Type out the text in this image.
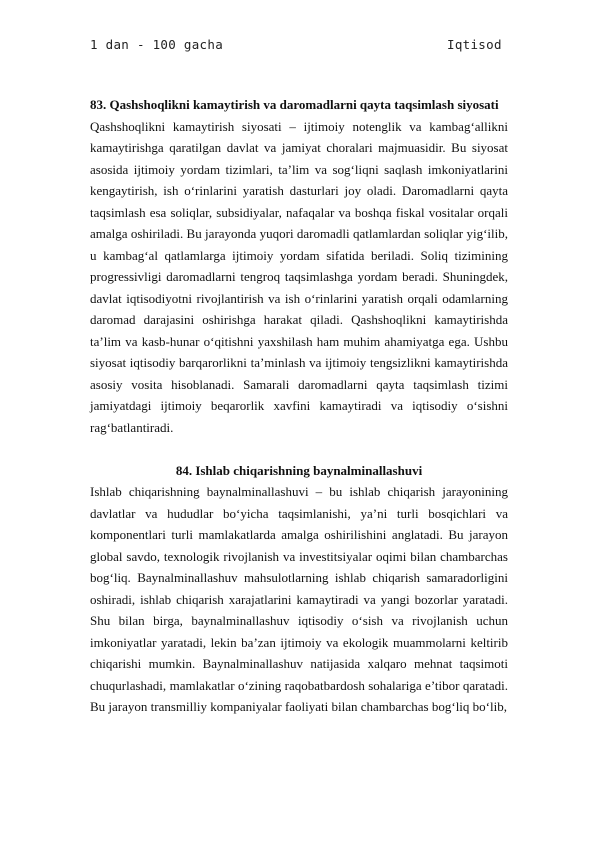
1 dan - 100 gacha	Iqtisod

83. Qashshoqlikni kamaytirish va daromadlarni qayta taqsimlash siyosati

Qashshoqlikni kamaytirish siyosati – ijtimoiy notenglik va kambag‘allikni kamaytirishga qaratilgan davlat va jamiyat choralari majmuasidir. Bu siyosat asosida ijtimoiy yordam tizimlari, ta’lim va sog‘liqni saqlash imkoniyatlarini kengaytirish, ish o‘rinlarini yaratish dasturlari joy oladi. Daromadlarni qayta taqsimlash esa soliqlar, subsidiyalar, nafaqalar va boshqa fiskal vositalar orqali amalga oshiriladi. Bu jarayonda yuqori daromadli qatlamlardan soliqlar yig‘ilib, u kambag‘al qatlamlarga ijtimoiy yordam sifatida beriladi. Soliq tizimining progressivligi daromadlarni tengroq taqsimlashga yordam beradi. Shuningdek, davlat iqtisodiyotni rivojlantirish va ish o‘rinlarini yaratish orqali odamlarning daromad darajasini oshirishga harakat qiladi. Qashshoqlikni kamaytirishda ta’lim va kasb-hunar o‘qitishni yaxshilash ham muhim ahamiyatga ega. Ushbu siyosat iqtisodiy barqarorlikni ta’minlash va ijtimoiy tengsizlikni kamaytirishda asosiy vosita hisoblanadi. Samarali daromadlarni qayta taqsimlash tizimi jamiyatdagi ijtimoiy beqarorlik xavfini kamaytiradi va iqtisodiy o‘sishni rag‘batlantiradi.

84. Ishlab chiqarishning baynalminallashuvi

Ishlab chiqarishning baynalminallashuvi – bu ishlab chiqarish jarayonining davlatlar va hududlar bo‘yicha taqsimlanishi, ya’ni turli bosqichlari va komponentlari turli mamlakatlarda amalga oshirilishini anglatadi. Bu jarayon global savdo, texnologik rivojlanish va investitsiyalar oqimi bilan chambarchas bog‘liq. Baynalminallashuv mahsulotlarning ishlab chiqarish samaradorligini oshiradi, ishlab chiqarish xarajatlarini kamaytiradi va yangi bozorlar yaratadi. Shu bilan birga, baynalminallashuv iqtisodiy o‘sish va rivojlanish uchun imkoniyatlar yaratadi, lekin ba’zan ijtimoiy va ekologik muammolarni keltirib chiqarishi mumkin. Baynalminallashuv natijasida xalqaro mehnat taqsimoti chuqurlashadi, mamlakatlar o‘zining raqobatbardosh sohalariga e’tibor qaratadi. Bu jarayon transmilliy kompaniyalar faoliyati bilan chambarchas bog‘liq bo‘lib,
